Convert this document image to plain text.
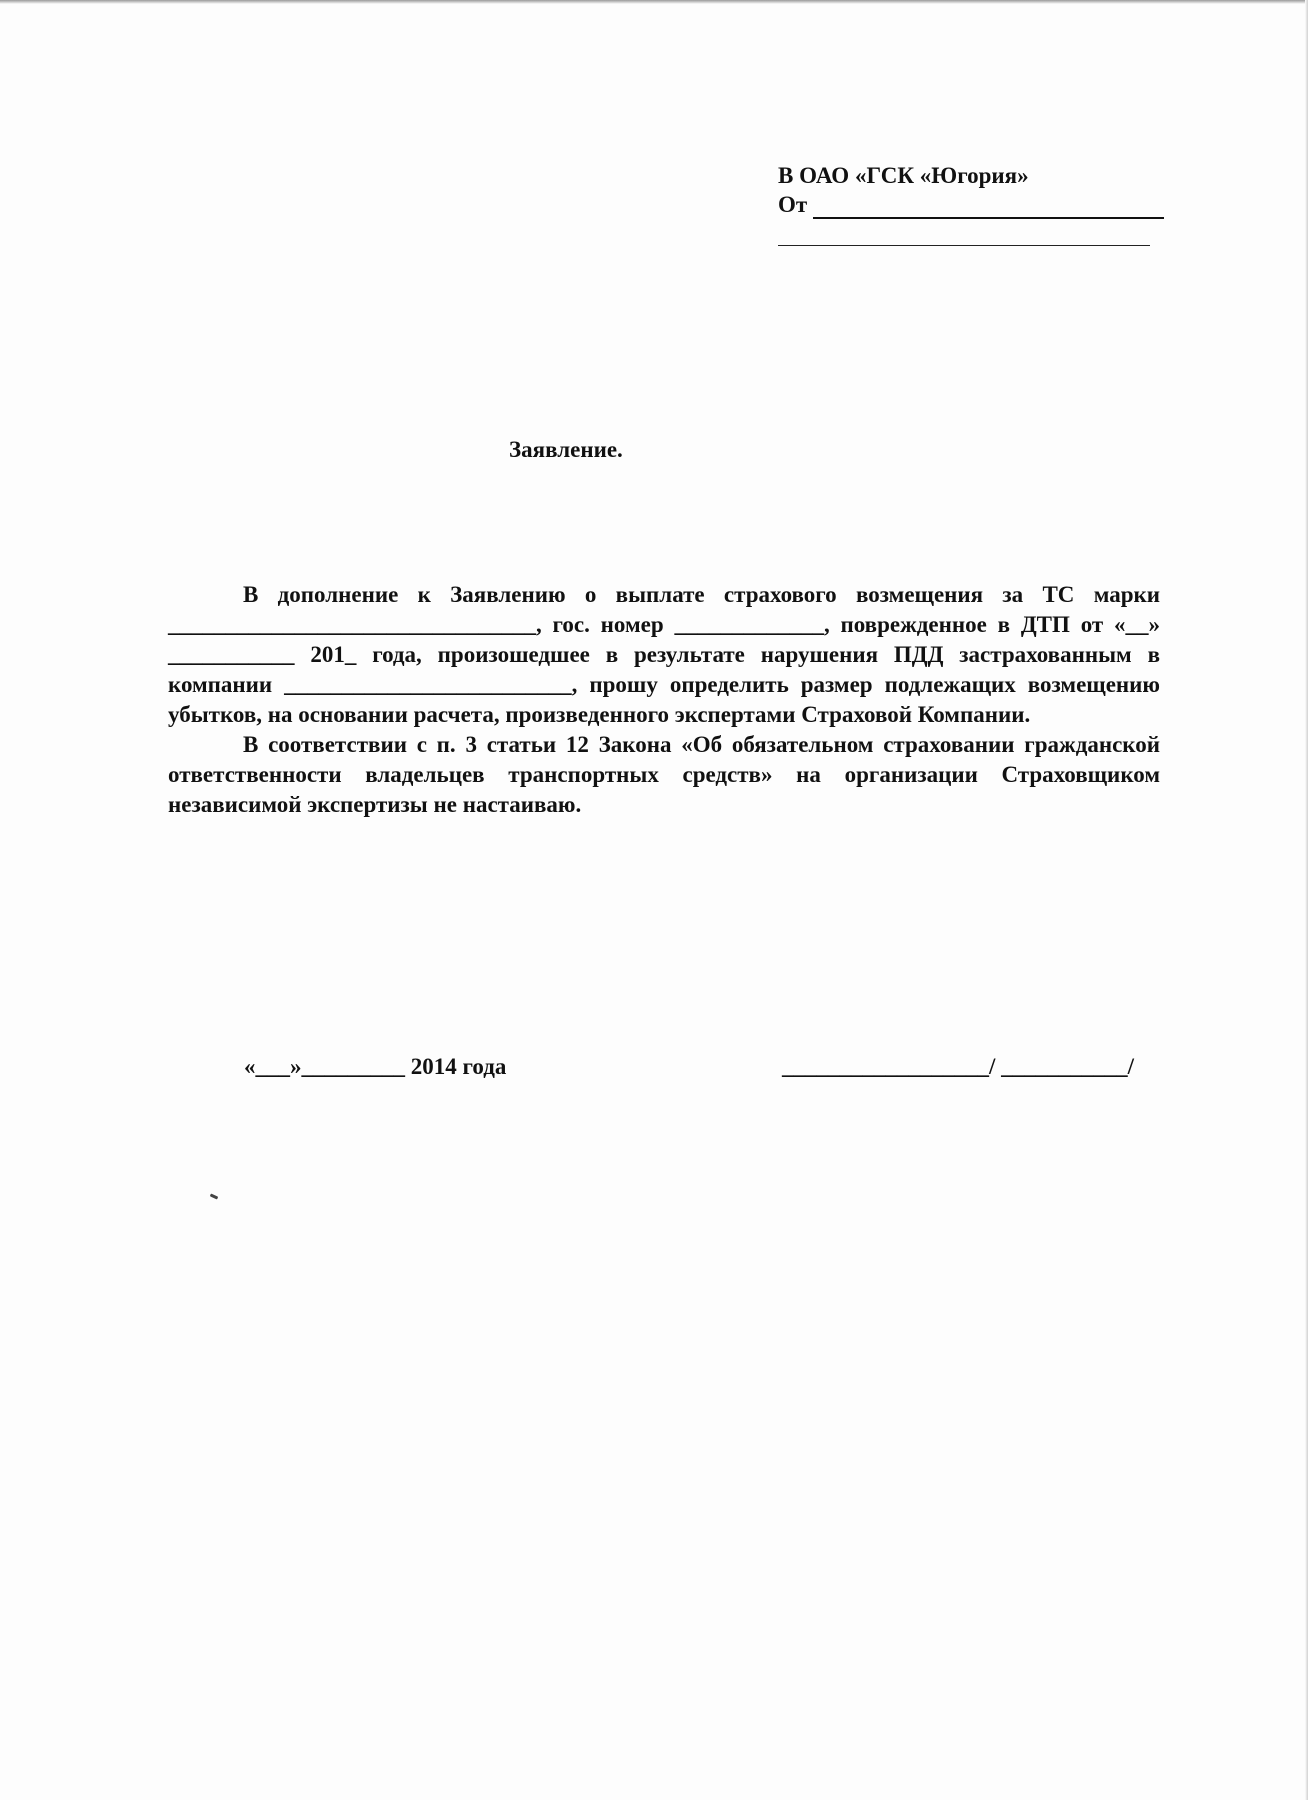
В ОАО «ГСК «Югория»
От
Заявление.

В дополнение к Заявлению о выплате страхового возмещения за ТС марки ________________________________, гос. номер _____________, поврежденное в ДТП от «__» ___________ 201_ года, произошедшее в результате нарушения ПДД застрахованным в компании _________________________, прошу определить размер подлежащих возмещению убытков, на основании расчета, произведенного экспертами Страховой Компании.

В соответствии с п. 3 статьи 12 Закона «Об обязательном страховании гражданской ответственности владельцев транспортных средств» на организации Страховщиком независимой экспертизы не настаиваю.

«___»_________ 2014 года	__________________/ ___________/
